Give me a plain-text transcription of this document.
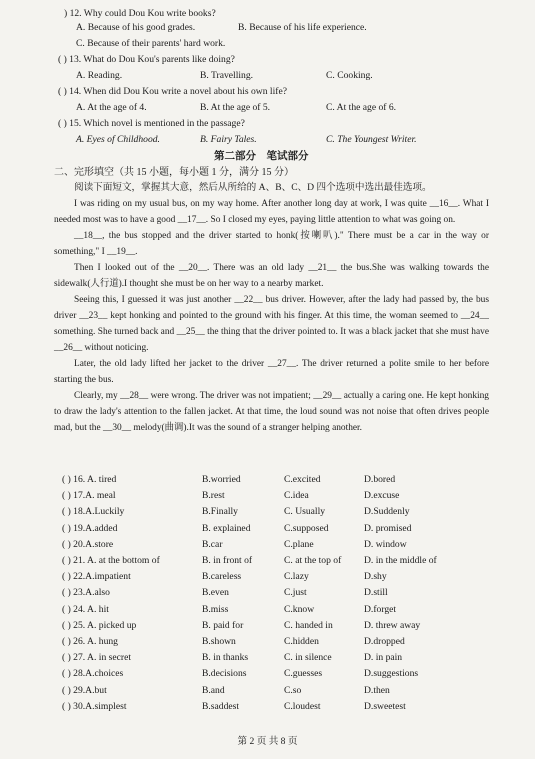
) 12. Why could Dou Kou write books?
A. Because of his good grades.	B. Because of his life experience.
C. Because of their parents' hard work.
( ) 13. What do Dou Kou's parents like doing?
A. Reading.	B. Travelling.	C. Cooking.
( ) 14. When did Dou Kou write a novel about his own life?
A. At the age of 4.	B. At the age of 5.	C. At the age of 6.
( ) 15. Which novel is mentioned in the passage?
A. Eyes of Childhood.	B. Fairy Tales.	C. The Youngest Writer.
第二部分　笔试部分
二、完形填空（共 15 小题，每小题 1 分，满分 15 分）
阅读下面短文，掌握其大意，然后从所给的 A、B、C、D 四个选项中选出最佳选项。

I was riding on my usual bus, on my way home. After another long day at work, I was quite __16__. What I needed most was to have a good __17__. So I closed my eyes, paying little attention to what was going on.

__18__, the bus stopped and the driver started to honk(按喇叭)." There must be a car in the way or something," I __19__.

Then I looked out of the __20__. There was an old lady __21__ the bus.She was walking towards the sidewalk(人行道).I thought she must be on her way to a nearby market.

Seeing this, I guessed it was just another __22__ bus driver. However, after the lady had passed by, the bus driver __23__ kept honking and pointed to the ground with his finger. At this time, the woman seemed to __24__ something. She turned back and __25__ the thing that the driver pointed to. It was a black jacket that she must have __26__ without noticing.

Later, the old lady lifted her jacket to the driver __27__. The driver returned a polite smile to her before starting the bus.

Clearly, my __28__ were wrong. The driver was not impatient; __29__ actually a caring one. He kept honking to draw the lady's attention to the fallen jacket. At that time, the loud sound was not noise that often drives people mad, but the __30__ melody(曲调).It was the sound of a stranger helping another.

( ) 16. A. tired	B.worried	C.excited	D.bored
( ) 17.A. meal	B.rest	C.idea	D.excuse
( ) 18.A.Luckily	B.Finally	C. Usually	D.Suddenly
( ) 19.A.added	B. explained	C.supposed	D. promised
( ) 20.A.store	B.car	C.plane	D. window
( ) 21. A. at the bottom of	B. in front of	C. at the top of D. in the middle of
( ) 22.A.impatient	B.careless	C.lazy	D.shy
( ) 23.A.also	B.even	C.just	D.still
( ) 24. A. hit	B.miss	C.know	D.forget
( ) 25. A. picked up	B. paid for	C. handed in	D. threw away
( ) 26. A. hung	B.shown	C.hidden	D.dropped
( ) 27. A. in secret	B. in thanks	C. in silence	D. in pain
( ) 28.A.choices	B.decisions	C.guesses	D.suggestions
( ) 29.A.but	B.and	C.so	D.then
( ) 30.A.simplest	B.saddest	C.loudest	D.sweetest
第 2 页 共 8 页
